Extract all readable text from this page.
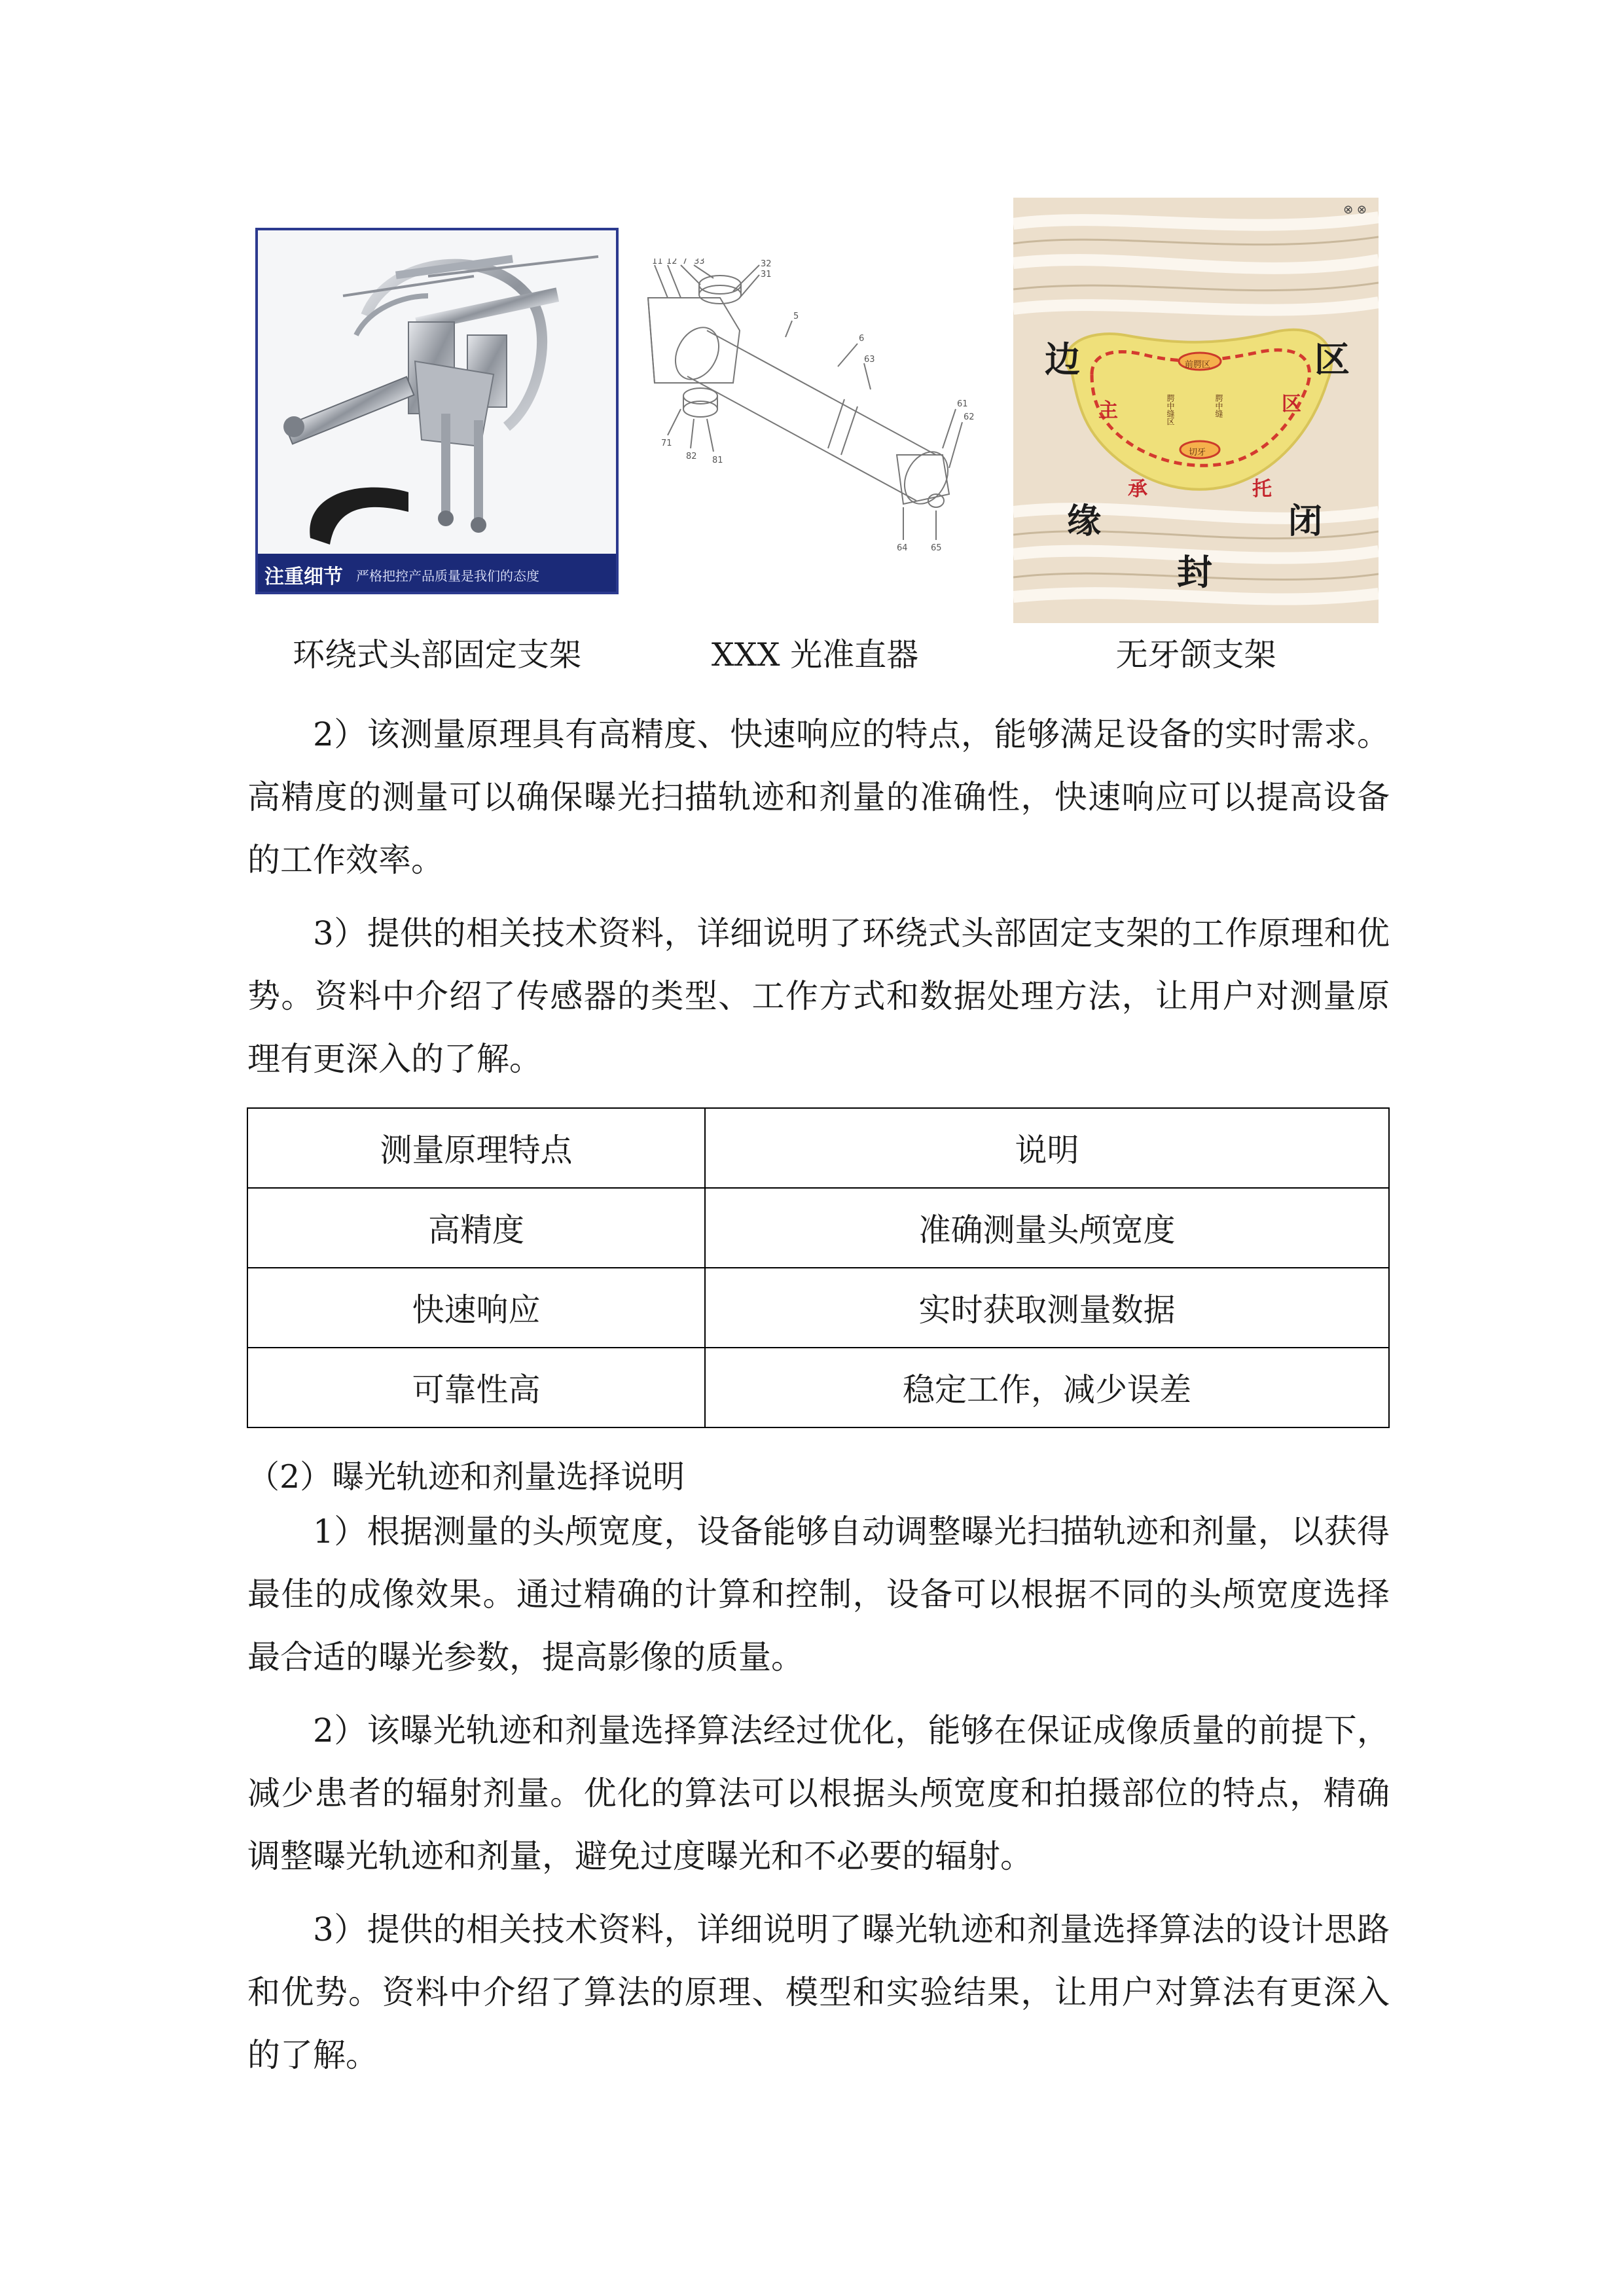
注重细节 严格把控产品质量是我们的态度
11 12 7 33	32
31
5
6
63
71
82 81
61
62
64	65
⊗ ⊗
前腭区
切牙
腭中缝区	腭中缝
边	区
缘	闭
封
主
承
区
托
环绕式头部固定支架	XXX 光准直器	无牙颌支架

2）该测量原理具有高精度、快速响应的特点，能够满足设备的实时需求。高精度的测量可以确保曝光扫描轨迹和剂量的准确性，快速响应可以提高设备的工作效率。

3）提供的相关技术资料，详细说明了环绕式头部固定支架的工作原理和优势。资料中介绍了传感器的类型、工作方式和数据处理方法，让用户对测量原理有更深入的了解。

测量原理特点	说明
高精度	准确测量头颅宽度
快速响应	实时获取测量数据
可靠性高	稳定工作，减少误差
（2）曝光轨迹和剂量选择说明

1）根据测量的头颅宽度，设备能够自动调整曝光扫描轨迹和剂量，以获得最佳的成像效果。通过精确的计算和控制，设备可以根据不同的头颅宽度选择最合适的曝光参数，提高影像的质量。

2）该曝光轨迹和剂量选择算法经过优化，能够在保证成像质量的前提下，减少患者的辐射剂量。优化的算法可以根据头颅宽度和拍摄部位的特点，精确调整曝光轨迹和剂量，避免过度曝光和不必要的辐射。

3）提供的相关技术资料，详细说明了曝光轨迹和剂量选择算法的设计思路和优势。资料中介绍了算法的原理、模型和实验结果，让用户对算法有更深入的了解。
